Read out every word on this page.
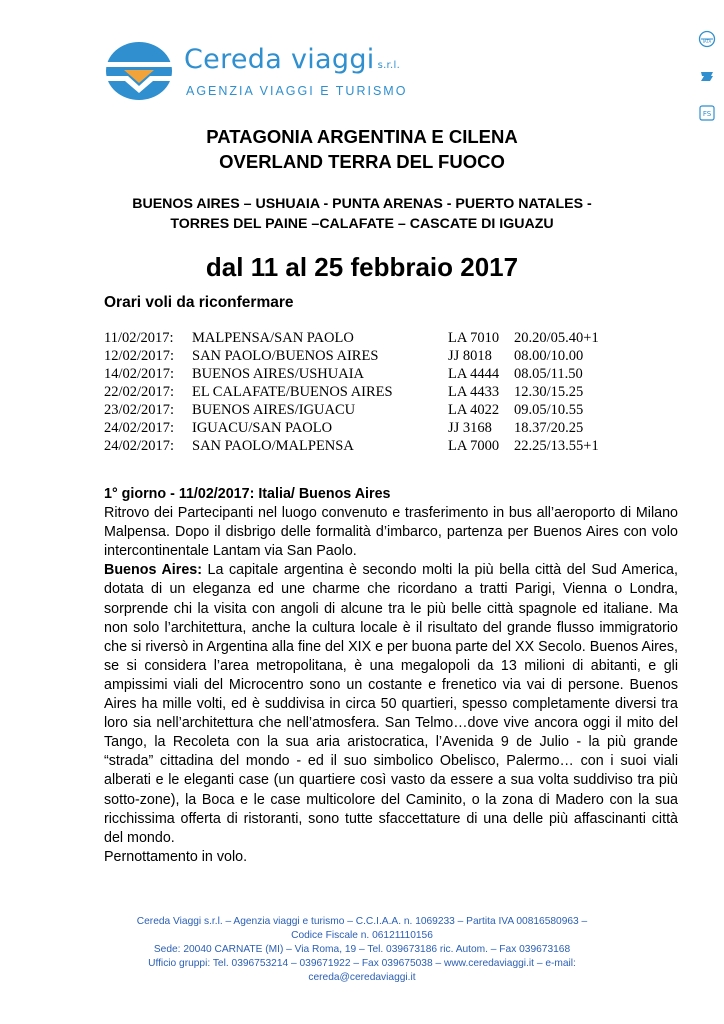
Cereda viaggi s.r.l.
AGENZIA VIAGGI E TURISMO
IATA

FS
PATAGONIA ARGENTINA E CILENA
OVERLAND TERRA DEL FUOCO
BUENOS AIRES – USHUAIA - PUNTA ARENAS - PUERTO NATALES -
TORRES DEL PAINE –CALAFATE – CASCATE DI IGUAZU
dal 11 al 25 febbraio 2017
Orari voli da riconfermare
11/02/2017: MALPENSA/SAN PAOLO	LA 7010 20.20/05.40+1
12/02/2017: SAN PAOLO/BUENOS AIRES	JJ 8018 08.00/10.00
14/02/2017: BUENOS AIRES/USHUAIA	LA 4444 08.05/11.50
22/02/2017: EL CALAFATE/BUENOS AIRES	LA 4433 12.30/15.25
23/02/2017: BUENOS AIRES/IGUACU	LA 4022 09.05/10.55
24/02/2017: IGUACU/SAN PAOLO	JJ 3168 18.37/20.25
24/02/2017: SAN PAOLO/MALPENSA	LA 7000 22.25/13.55+1
1° giorno - 11/02/2017: Italia/ Buenos Aires

Ritrovo dei Partecipanti nel luogo convenuto e trasferimento in bus all’aeroporto di Milano Malpensa. Dopo il disbrigo delle formalità d’imbarco, partenza per Buenos Aires con volo intercontinentale Lantam via San Paolo.

Buenos Aires: La capitale argentina è secondo molti la più bella città del Sud America, dotata di un eleganza ed une charme che ricordano a tratti Parigi, Vienna o Londra, sorprende chi la visita con angoli di alcune tra le più belle città spagnole ed italiane. Ma non solo l’architettura, anche la cultura locale è il risultato del grande flusso immigratorio che si riversò in Argentina alla fine del XIX e per buona parte del XX Secolo. Buenos Aires, se si considera l’area metropolitana, è una megalopoli da 13 milioni di abitanti, e gli ampissimi viali del Microcentro sono un costante e frenetico via vai di persone. Buenos Aires ha mille volti, ed è suddivisa in circa 50 quartieri, spesso completamente diversi tra loro sia nell’architettura che nell’atmosfera. San Telmo…dove vive ancora oggi il mito del Tango, la Recoleta con la sua aria aristocratica, l’Avenida 9 de Julio - la più grande “strada” cittadina del mondo - ed il suo simbolico Obelisco, Palermo… con i suoi viali alberati e le eleganti case (un quartiere così vasto da essere a sua volta suddiviso tra più sotto-zone), la Boca e le case multicolore del Caminito, o la zona di Madero con la sua ricchissima offerta di ristoranti, sono tutte sfaccettature di una delle più affascinanti città del mondo.

Pernottamento in volo.

Cereda Viaggi s.r.l. – Agenzia viaggi e turismo – C.C.I.A.A. n. 1069233 – Partita IVA 00816580963 –
Codice Fiscale n. 06121110156
Sede: 20040 CARNATE (MI) – Via Roma, 19 – Tel. 039673186 ric. Autom. – Fax 039673168
Ufficio gruppi: Tel. 0396753214 – 039671922 – Fax 039675038 – www.ceredaviaggi.it – e-mail:
cereda@ceredaviaggi.it
